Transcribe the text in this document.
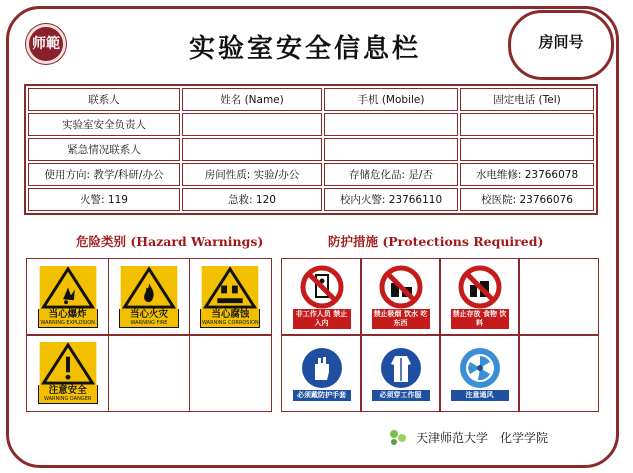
师範	实验室安全信息栏	房间号
联系人	姓名 (Name)	手机 (Mobile)	固定电话 (Tel)
实验室安全负责人			
紧急情况联系人			
使用方向: 教学/科研/办公	房间性质: 实验/办公	存储危化品: 是/否	水电维修: 23766078
火警: 119	急救: 120	校内火警: 23766110	校医院: 23766076
危险类别 (Hazard Warnings)	防护措施 (Protections Required)
当心爆炸
WARNING EXPLOSION
当心火灾
WARNING FIRE
当心腐蚀
WARNING CORROSION
注意安全
WARNING DANGER
非工作人员 禁止入内
禁止吸烟 饮水 吃东西
禁止存放 食物 饮料
必须戴防护手套	必须穿工作服	注意通风
天津师范大学 化学学院
